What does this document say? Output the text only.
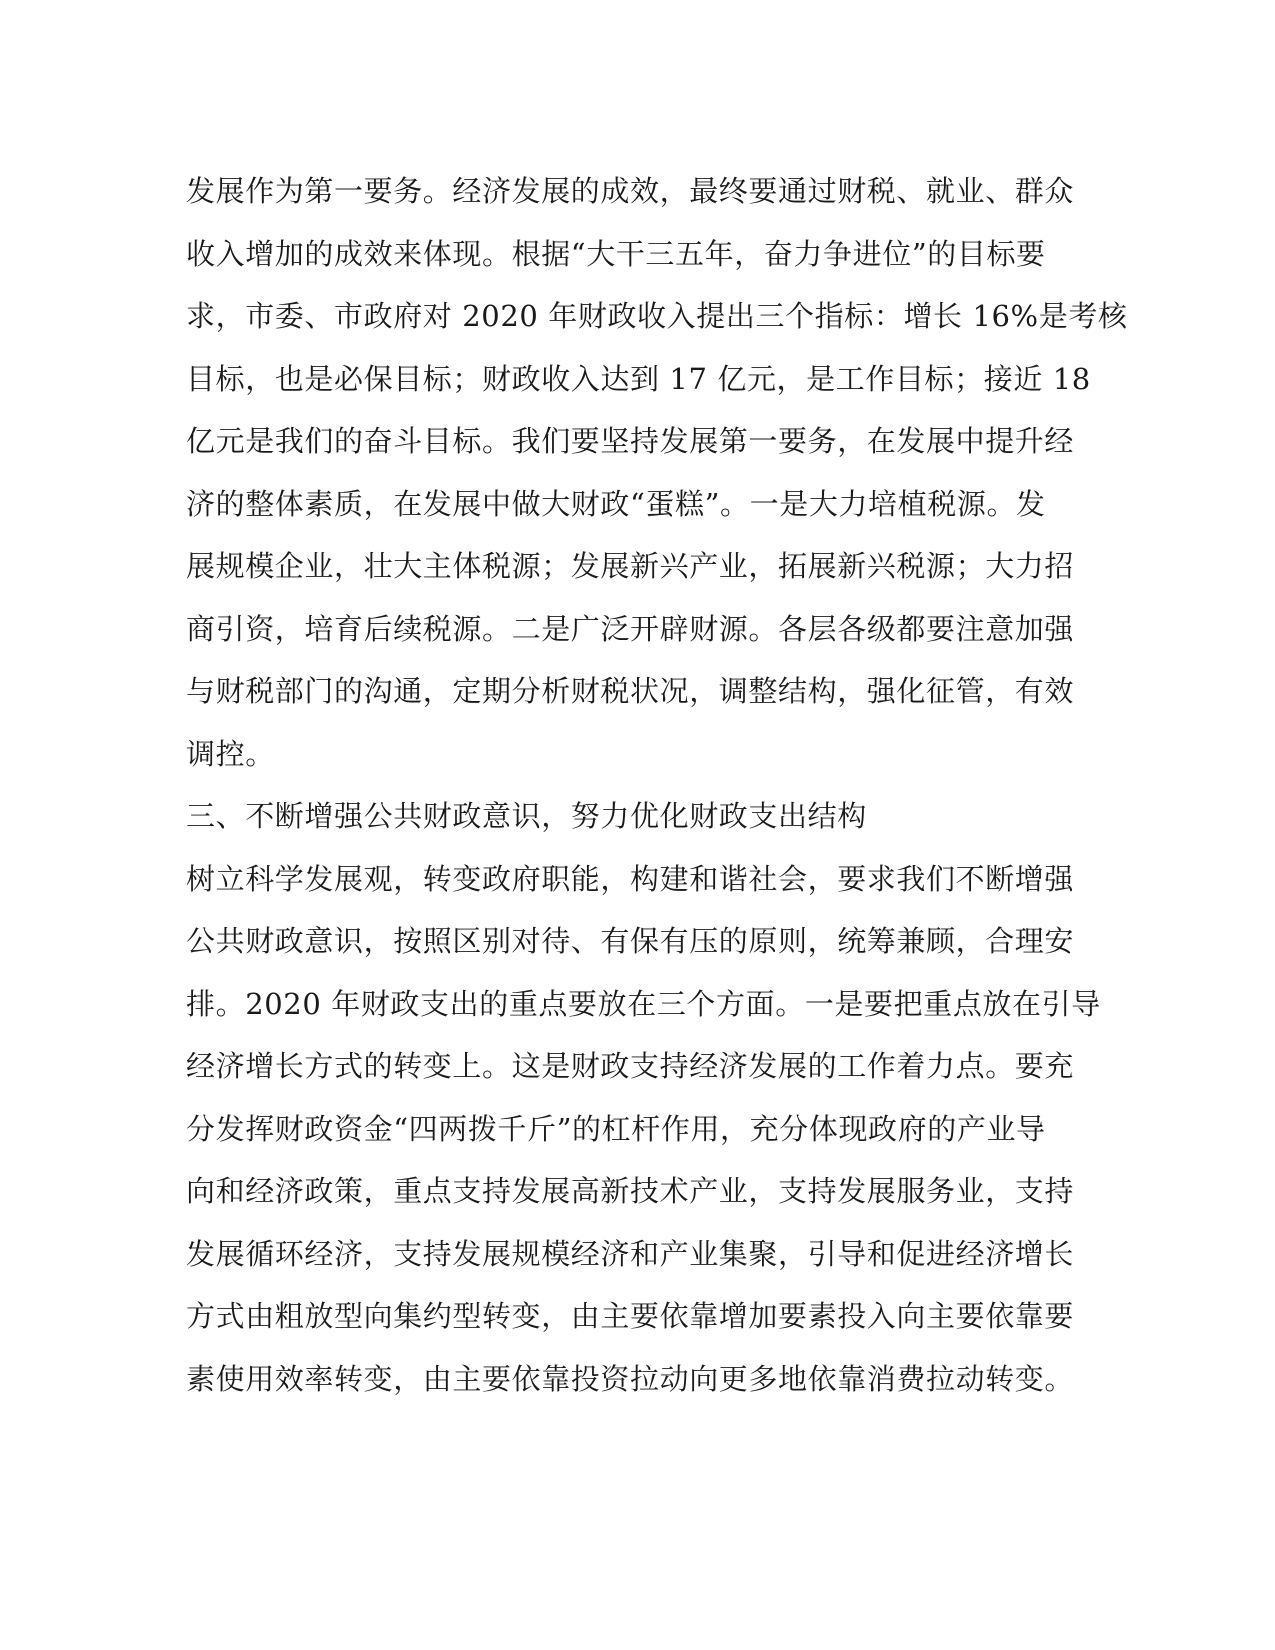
发展作为第一要务。经济发展的成效，最终要通过财税、就业、群众
收入增加的成效来体现。根据“大干三五年，奋力争进位”的目标要
求，市委、市政府对 2020 年财政收入提出三个指标：增长 16%是考核
目标，也是必保目标；财政收入达到 17 亿元，是工作目标；接近 18
亿元是我们的奋斗目标。我们要坚持发展第一要务，在发展中提升经
济的整体素质，在发展中做大财政“蛋糕”。一是大力培植税源。发
展规模企业，壮大主体税源；发展新兴产业，拓展新兴税源；大力招
商引资，培育后续税源。二是广泛开辟财源。各层各级都要注意加强
与财税部门的沟通，定期分析财税状况，调整结构，强化征管，有效
调控。
三、不断增强公共财政意识，努力优化财政支出结构
树立科学发展观，转变政府职能，构建和谐社会，要求我们不断增强
公共财政意识，按照区别对待、有保有压的原则，统筹兼顾，合理安
排。2020 年财政支出的重点要放在三个方面。一是要把重点放在引导
经济增长方式的转变上。这是财政支持经济发展的工作着力点。要充
分发挥财政资金“四两拨千斤”的杠杆作用，充分体现政府的产业导
向和经济政策，重点支持发展高新技术产业，支持发展服务业，支持
发展循环经济，支持发展规模经济和产业集聚，引导和促进经济增长
方式由粗放型向集约型转变，由主要依靠增加要素投入向主要依靠要
素使用效率转变，由主要依靠投资拉动向更多地依靠消费拉动转变。
